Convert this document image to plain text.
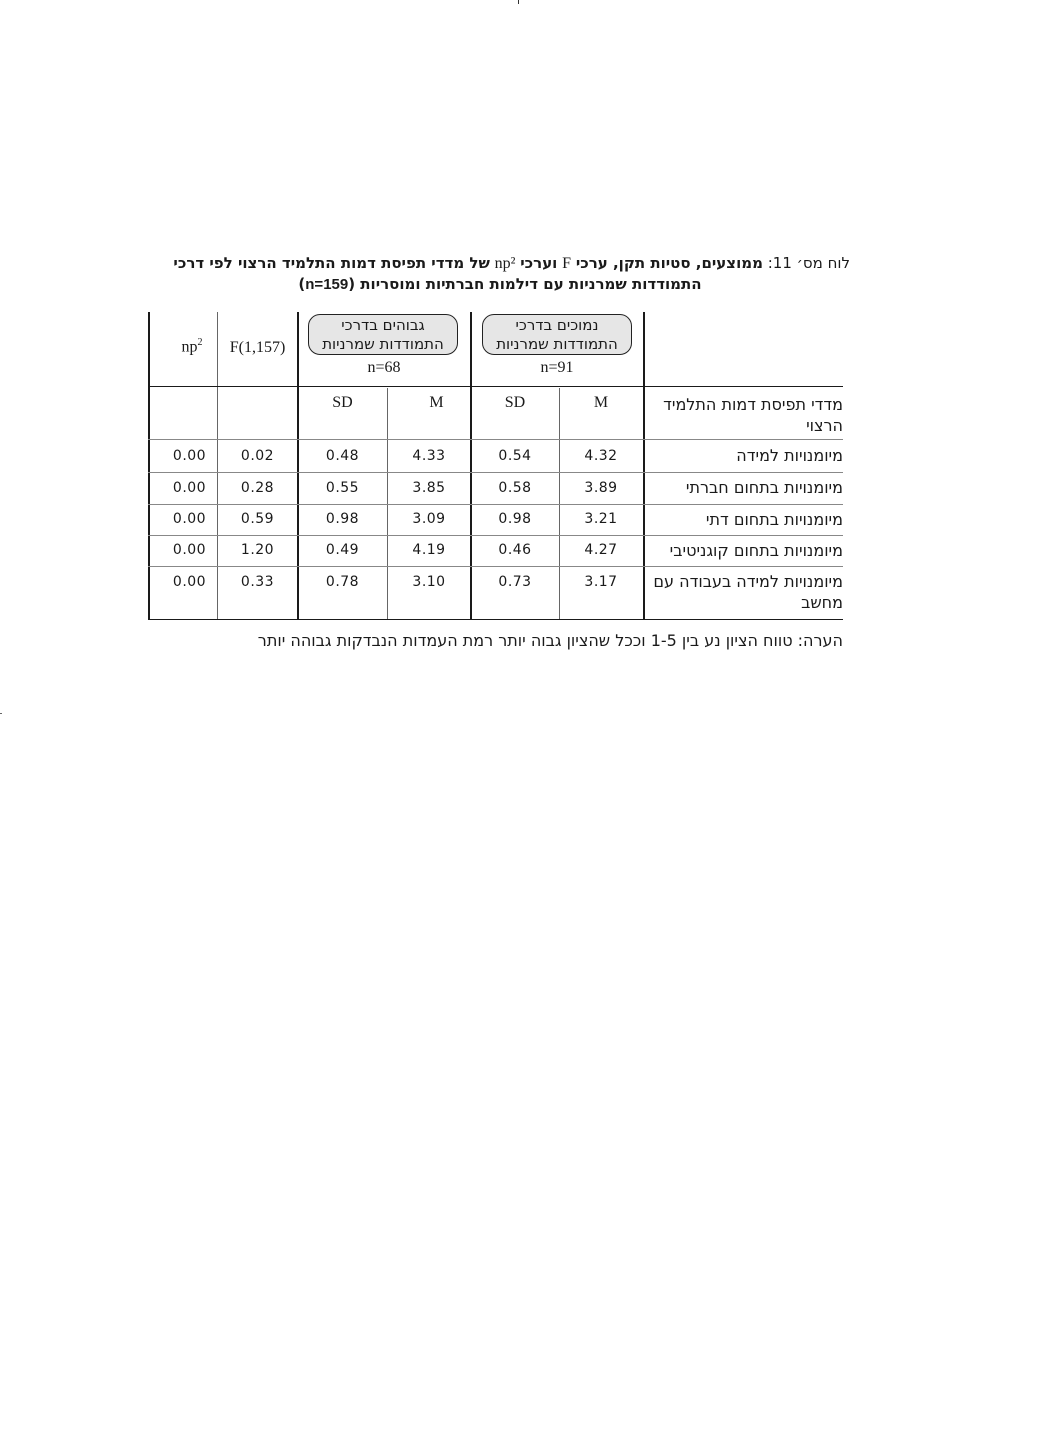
לוח מס׳ 11: ממוצעים, סטיות תקן, ערכי F וערכי np² של מדדי תפיסת דמות התלמיד הרצוי לפי דרכי
התמודדות שמרניות עם דילמות חברתיות ומוסריות (n=159)
נמוכים בדרכי התמודדות שמרניות
n=91
גבוהים בדרכי התמודדות שמרניות
n=68
F(1,157)
$np^2$
מדדי תפיסת דמות התלמיד הרצוי
M
SD
M
SD
מיומנויות למידה
4.32
0.54
4.33
0.48
0.02
0.00
מיומנויות בתחום חברתי
3.89
0.58
3.85
0.55
0.28
0.00
מיומנויות בתחום דתי
3.21
0.98
3.09
0.98
0.59
0.00
מיומנויות בתחום קוגניטיבי
4.27
0.46
4.19
0.49
1.20
0.00
מיומנויות למידה בעבודה עם מחשב
3.17
0.73
3.10
0.78
0.33
0.00
הערה: טווח הציון נע בין 1-5 וככל שהציון גבוה יותר רמת העמדות הנבדקות גבוהה יותר
